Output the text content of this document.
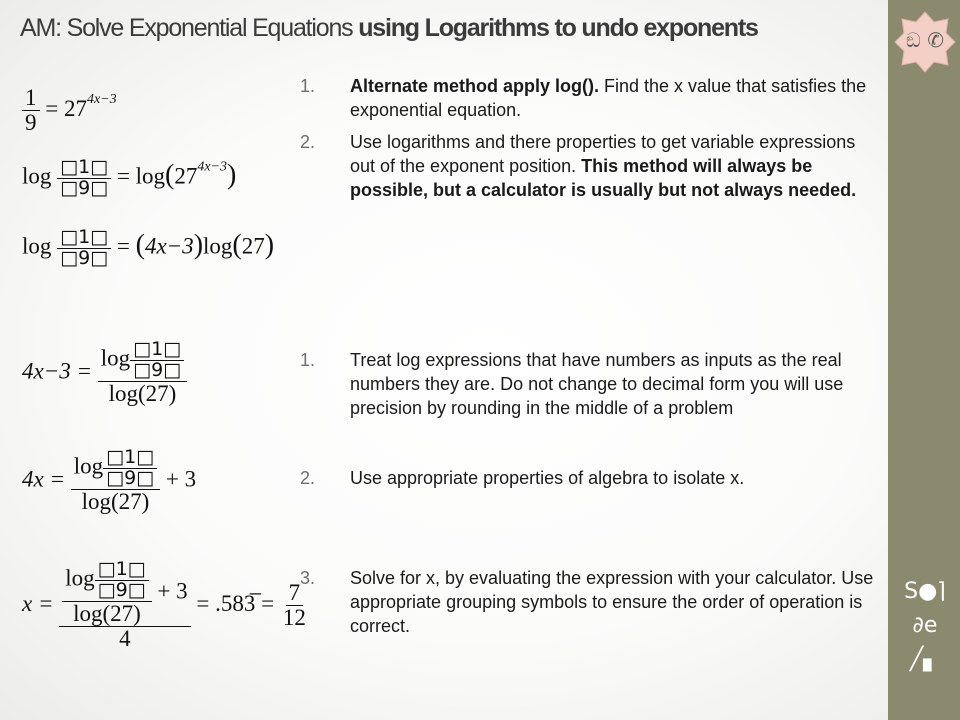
ඞ ✆
S●⌉
∂e
╱▖
AM: Solve Exponential Equations using Logarithms to undo exponents
$\frac{1}{9} = 27^{4x-3}$
$\log \frac{□1□}{□9□} = \log(27^{4x-3})$
$\log \frac{□1□}{□9□} = (4x-3)\log(27)$
$4x-3 = \frac{\log \frac{□1□}{□9□}}{\log(27)}$
$4x = \frac{\log \frac{□1□}{□9□}}{\log(27)} + 3$
$x = \frac{\frac{\log \frac{□1□}{□9□}}{\log(27)} + 3}{4}$ = .583̅ = $\frac{7}{12}$
1. Alternate method apply log(). Find the x value that satisfies the exponential equation.
2. Use logarithms and there properties to get variable expressions out of the exponent position. This method will always be possible, but a calculator is usually but not always needed.
1. Treat log expressions that have numbers as inputs as the real numbers they are. Do not change to decimal form you will use precision by rounding in the middle of a problem
2. Use appropriate properties of algebra to isolate x.
3. Solve for x, by evaluating the expression with your calculator. Use appropriate grouping symbols to ensure the order of operation is correct.
